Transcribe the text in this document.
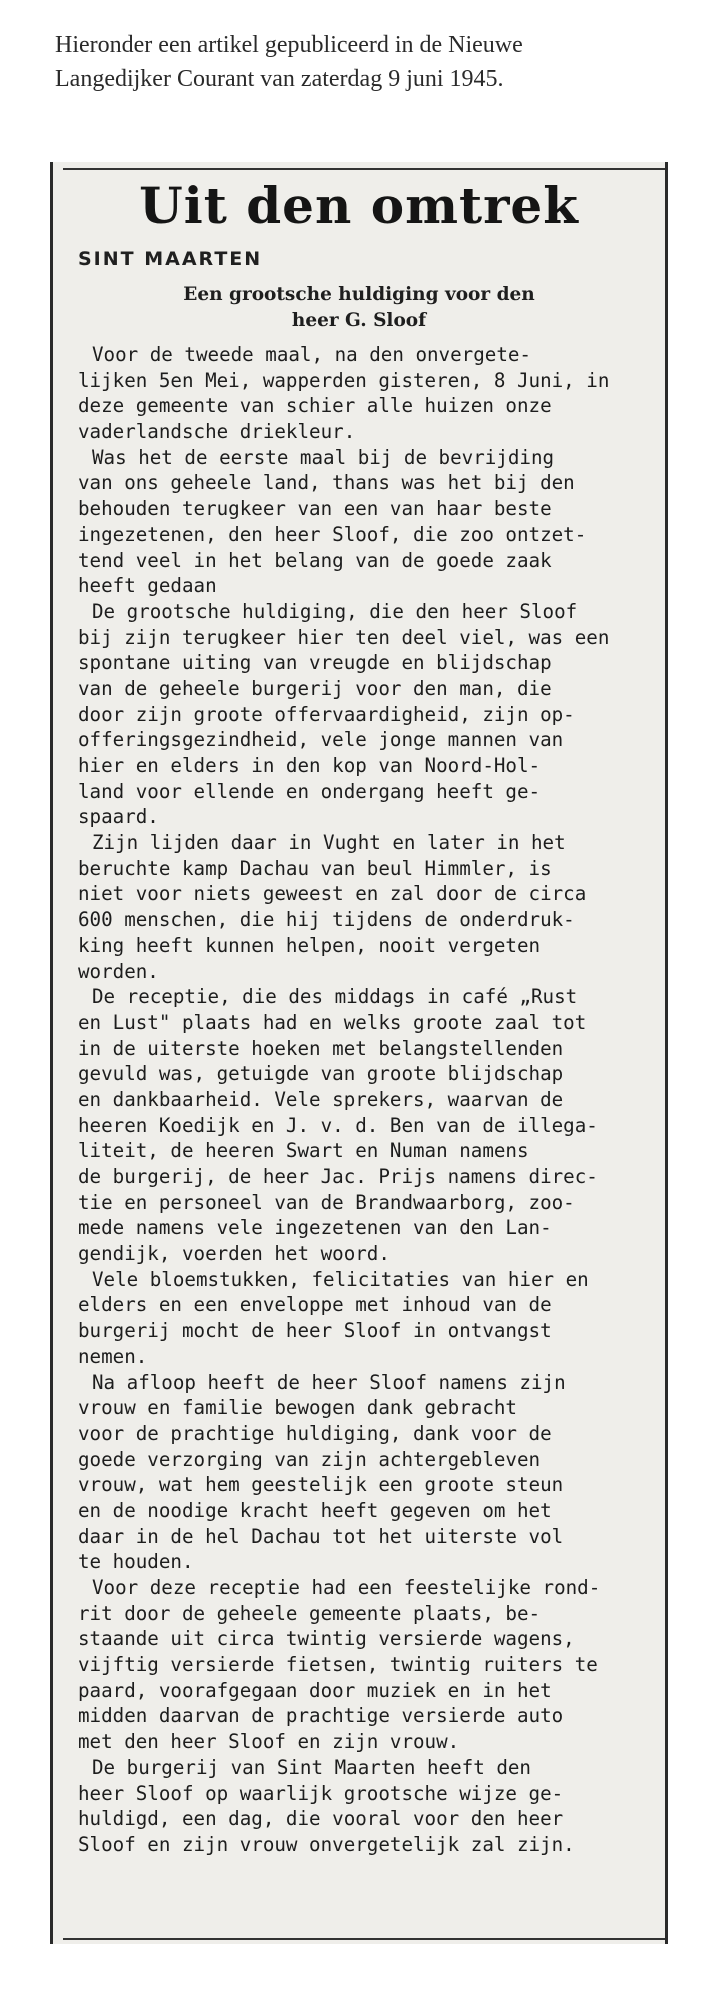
Hieronder een artikel gepubliceerd in de Nieuwe
Langedijker Courant van zaterdag 9 juni 1945.
Uit den omtrek
SINT MAARTEN
Een grootsche huldiging voor den
heer G. Sloof
Voor de tweede maal, na den onvergete-
lijken 5en Mei, wapperden gisteren, 8 Juni, in
deze gemeente van schier alle huizen onze
vaderlandsche driekleur.
Was het de eerste maal bij de bevrijding
van ons geheele land, thans was het bij den
behouden terugkeer van een van haar beste
ingezetenen, den heer Sloof, die zoo ontzet-
tend veel in het belang van de goede zaak
heeft gedaan
De grootsche huldiging, die den heer Sloof
bij zijn terugkeer hier ten deel viel, was een
spontane uiting van vreugde en blijdschap
van de geheele burgerij voor den man, die
door zijn groote offervaardigheid, zijn op-
offeringsgezindheid, vele jonge mannen van
hier en elders in den kop van Noord-Hol-
land voor ellende en ondergang heeft ge-
spaard.
Zijn lijden daar in Vught en later in het
beruchte kamp Dachau van beul Himmler, is
niet voor niets geweest en zal door de circa
600 menschen, die hij tijdens de onderdruk-
king heeft kunnen helpen, nooit vergeten
worden.
De receptie, die des middags in café „Rust
en Lust" plaats had en welks groote zaal tot
in de uiterste hoeken met belangstellenden
gevuld was, getuigde van groote blijdschap
en dankbaarheid. Vele sprekers, waarvan de
heeren Koedijk en J. v. d. Ben van de illega-
liteit, de heeren Swart en Numan namens
de burgerij, de heer Jac. Prijs namens direc-
tie en personeel van de Brandwaarborg, zoo-
mede namens vele ingezetenen van den Lan-
gendijk, voerden het woord.
Vele bloemstukken, felicitaties van hier en
elders en een enveloppe met inhoud van de
burgerij mocht de heer Sloof in ontvangst
nemen.
Na afloop heeft de heer Sloof namens zijn
vrouw en familie bewogen dank gebracht
voor de prachtige huldiging, dank voor de
goede verzorging van zijn achtergebleven
vrouw, wat hem geestelijk een groote steun
en de noodige kracht heeft gegeven om het
daar in de hel Dachau tot het uiterste vol
te houden.
Voor deze receptie had een feestelijke rond-
rit door de geheele gemeente plaats, be-
staande uit circa twintig versierde wagens,
vijftig versierde fietsen, twintig ruiters te
paard, voorafgegaan door muziek en in het
midden daarvan de prachtige versierde auto
met den heer Sloof en zijn vrouw.
De burgerij van Sint Maarten heeft den
heer Sloof op waarlijk grootsche wijze ge-
huldigd, een dag, die vooral voor den heer
Sloof en zijn vrouw onvergetelijk zal zijn.
